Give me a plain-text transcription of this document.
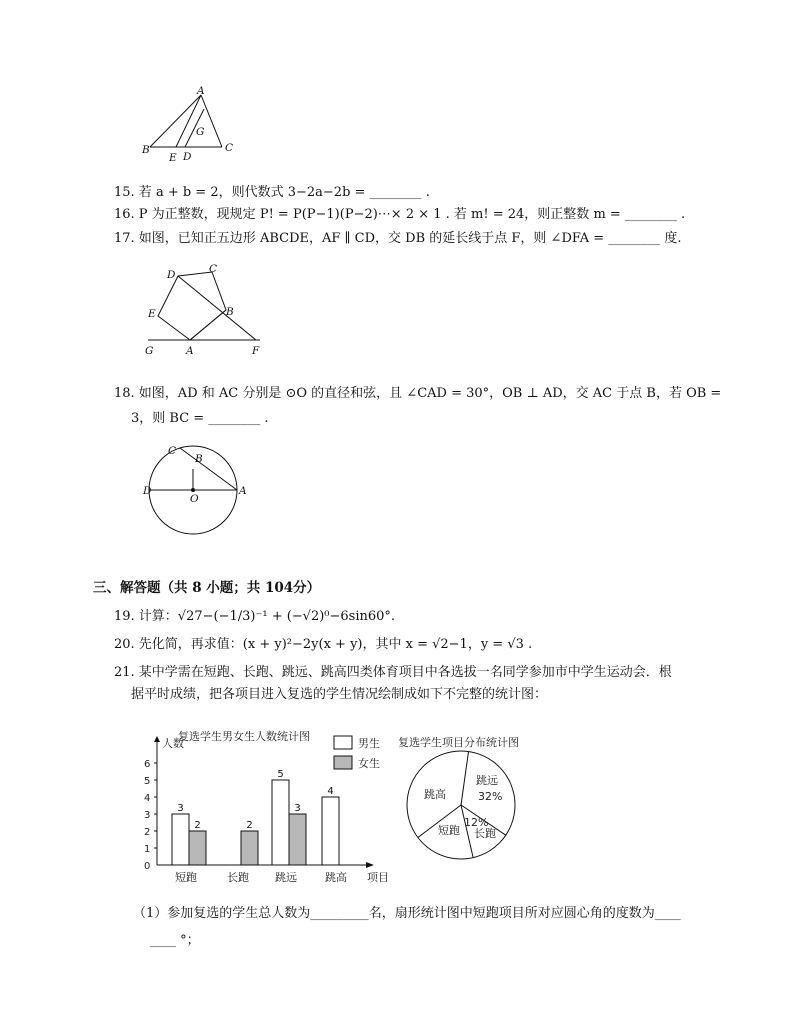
A
B	C
D
E
G
15. 若 a + b = 2，则代数式 3−2a−2b = ________ .
16. P 为正整数，现规定 P! = P(P−1)(P−2)⋯× 2 × 1 . 若 m! = 24，则正整数 m = ________ .
17. 如图，已知正五边形 ABCDE，AF ∥ CD，交 DB 的延长线于点 F，则 ∠DFA = ________ 度.
D	C
E	B
G	A	F
18. 如图，AD 和 AC 分别是 ⊙O 的直径和弦，且 ∠CAD = 30°，OB ⊥ AD，交 AC 于点 B，若 OB =
3，则 BC = ________ .
C
B
D
O
A
三、解答题（共 8 小题；共 104分）
19. 计算：√27−(−1/3)⁻¹ + (−√2)⁰−6sin60°.
20. 先化简，再求值：(x + y)²−2y(x + y)，其中 x = √2−1，y = √3 .
21. 某中学需在短跑、长跑、跳远、跳高四类体育项目中各选拔一名同学参加市中学生运动会．根
据平时成绩，把各项目进入复选的学生情况绘制成如下不完整的统计图：
复选学生男女生人数统计图
人数
项目
0
1
2
3
4
5
6
短跑
3
2
长跑
2
跳远
5
3
跳高
4
男生
女生
复选学生项目分布统计图
跳远
32%
长跑
12%
短跑
跳高
（1）参加复选的学生总人数为_________名，扇形统计图中短跑项目所对应圆心角的度数为____
____ °；
